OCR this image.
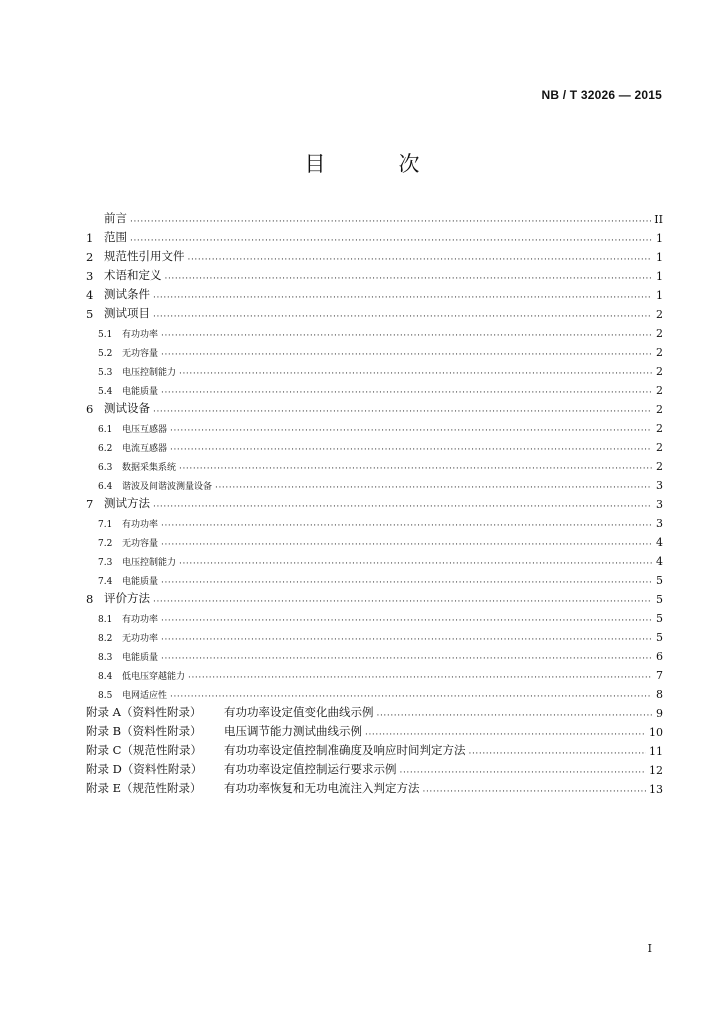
NB / T 32026 — 2015
目　次
前言 ·····	II
1 范围 ·····	1
2 规范性引用文件 ·····	1
3 术语和定义 ·····	1
4 测试条件 ·····	1
5 测试项目 ·····	2
5.1	有功功率 ·····	2
5.2	无功容量 ·····	2
5.3	电压控制能力 ·····	2
5.4	电能质量 ·····	2
6 测试设备 ·····	2
6.1	电压互感器 ·····	2
6.2	电流互感器 ·····	2
6.3	数据采集系统 ·····	2
6.4	谐波及间谐波测量设备 ·····	3
7 测试方法 ·····	3
7.1	有功功率 ·····	3
7.2	无功容量 ·····	4
7.3	电压控制能力 ·····	4
7.4	电能质量 ·····	5
8 评价方法 ·····	5
8.1	有功功率 ·····	5
8.2	无功功率 ·····	5
8.3	电能质量 ·····	6
8.4	低电压穿越能力 ·····	7
8.5	电网适应性 ·····	8
附录 A（资料性附录）	有功功率设定值变化曲线示例 ·····	9
附录 B（资料性附录）	电压调节能力测试曲线示例 ·····	10
附录 C（规范性附录）	有功功率设定值控制准确度及响应时间判定方法 ·····	11
附录 D（资料性附录）	有功功率设定值控制运行要求示例 ·····	12
附录 E（规范性附录）	有功功率恢复和无功电流注入判定方法 ·····	13
I
